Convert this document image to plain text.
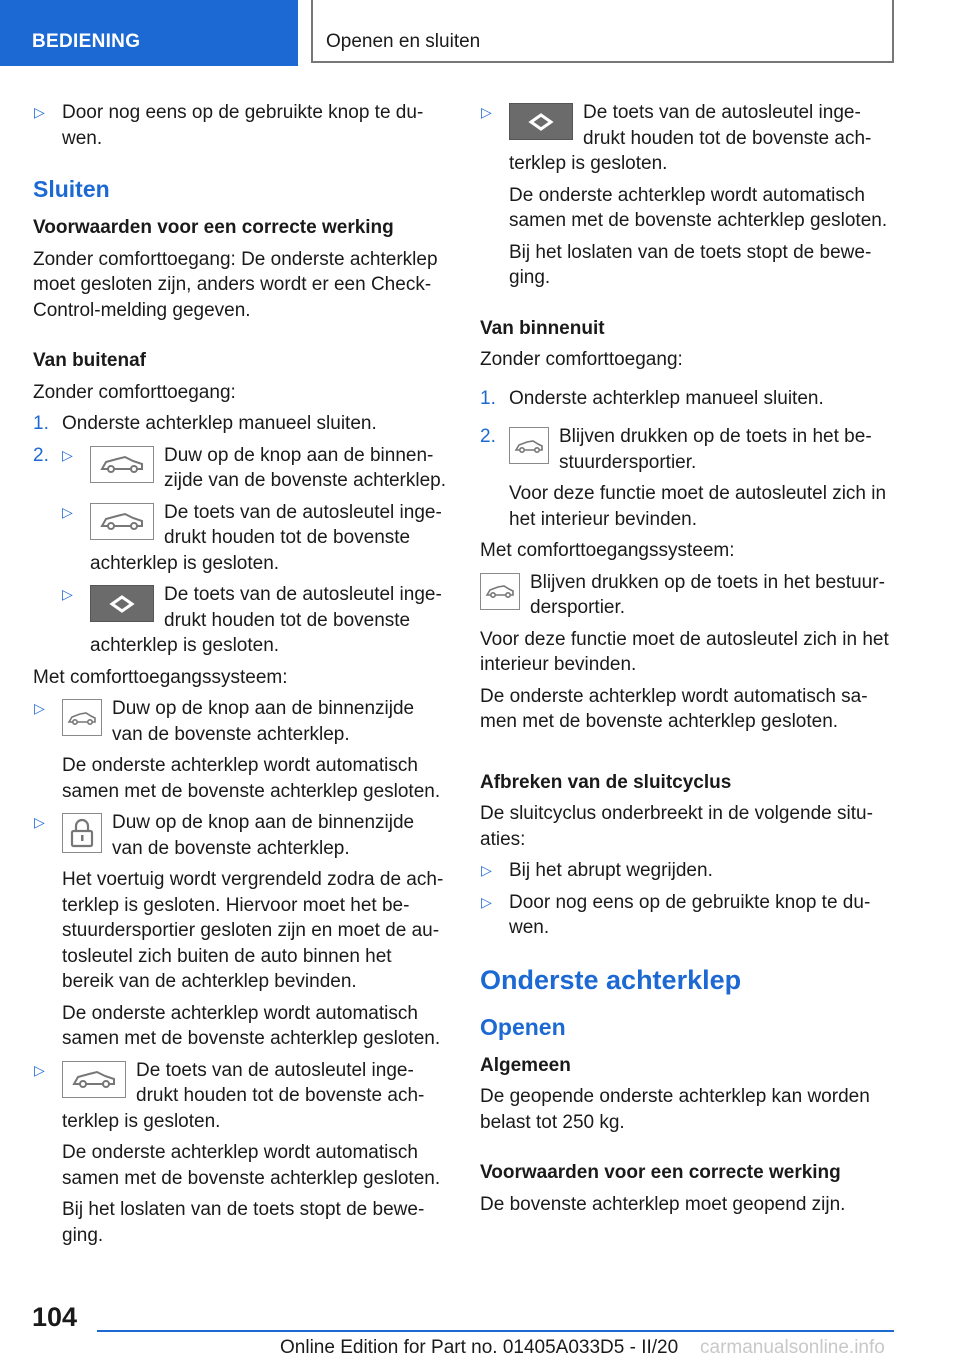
BEDIENING	Openen en sluiten
▷ Door nog eens op de gebruikte knop te duwen.

Sluiten

Voorwaarden voor een correcte werking

Zonder comforttoegang: De onderste achterklep moet gesloten zijn, anders wordt er een Check-Control-melding gegeven.

Van buitenaf

Zonder comforttoegang:

1. Onderste achterklep manueel sluiten.
2. ▷	Duw op de knop aan de binnenzijde van de bovenste achterklep.
▷	De toets van de autosleutel ingedrukt houden tot de bovenste achterklep is gesloten.
▷	De toets van de autosleutel ingedrukt houden tot de bovenste achterklep is gesloten.

Met comforttoegangssysteem:

▷	Duw op de knop aan de binnenzijde van de bovenste achterklep.

De onderste achterklep wordt automatisch samen met de bovenste achterklep gesloten.

▷	Duw op de knop aan de binnenzijde van de bovenste achterklep.

Het voertuig wordt vergrendeld zodra de achterklep is gesloten. Hiervoor moet het bestuurdersportier gesloten zijn en moet de autosleutel zich buiten de auto binnen het bereik van de achterklep bevinden.

De onderste achterklep wordt automatisch samen met de bovenste achterklep gesloten.

▷	De toets van de autosleutel ingedrukt houden tot de bovenste achterklep is gesloten.

De onderste achterklep wordt automatisch samen met de bovenste achterklep gesloten.

Bij het loslaten van de toets stopt de beweging.

▷	De toets van de autosleutel ingedrukt houden tot de bovenste achterklep is gesloten.

De onderste achterklep wordt automatisch samen met de bovenste achterklep gesloten.

Bij het loslaten van de toets stopt de beweging.

Van binnenuit

Zonder comforttoegang:

1. Onderste achterklep manueel sluiten.
2.	Blijven drukken op de toets in het bestuurdersportier.

Voor deze functie moet de autosleutel zich in het interieur bevinden.

Met comforttoegangssysteem:

Blijven drukken op de toets in het bestuurdersportier.

Voor deze functie moet de autosleutel zich in het interieur bevinden.

De onderste achterklep wordt automatisch samen met de bovenste achterklep gesloten.

Afbreken van de sluitcyclus

De sluitcyclus onderbreekt in de volgende situaties:

▷ Bij het abrupt wegrijden.
▷ Door nog eens op de gebruikte knop te duwen.

Onderste achterklep

Openen

Algemeen

De geopende onderste achterklep kan worden belast tot 250 kg.

Voorwaarden voor een correcte werking

De bovenste achterklep moet geopend zijn.

104
Online Edition for Part no. 01405A033D5 - II/20 carmanualsonline.info
